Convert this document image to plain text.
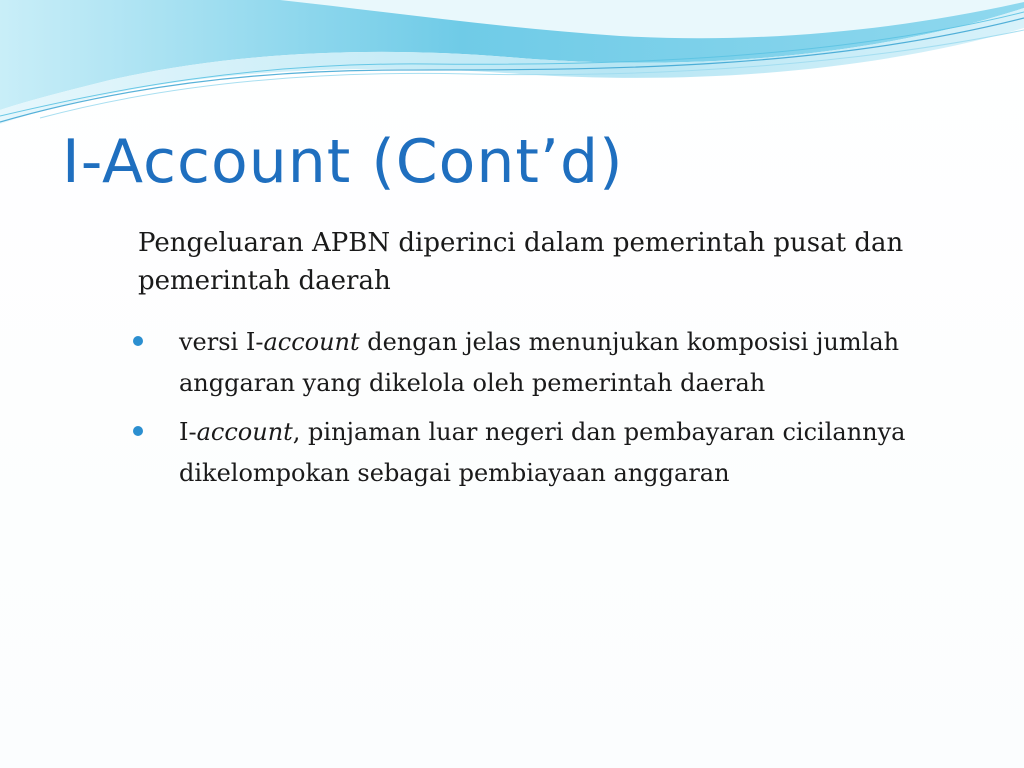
I-Account (Cont’d)

Pengeluaran APBN diperinci dalam pemerintah pusat dan pemerintah daerah

versi I-account dengan jelas menunjukan komposisi jumlah anggaran yang dikelola oleh pemerintah daerah
I-account, pinjaman luar negeri dan pembayaran cicilannya dikelompokan sebagai pembiayaan anggaran
